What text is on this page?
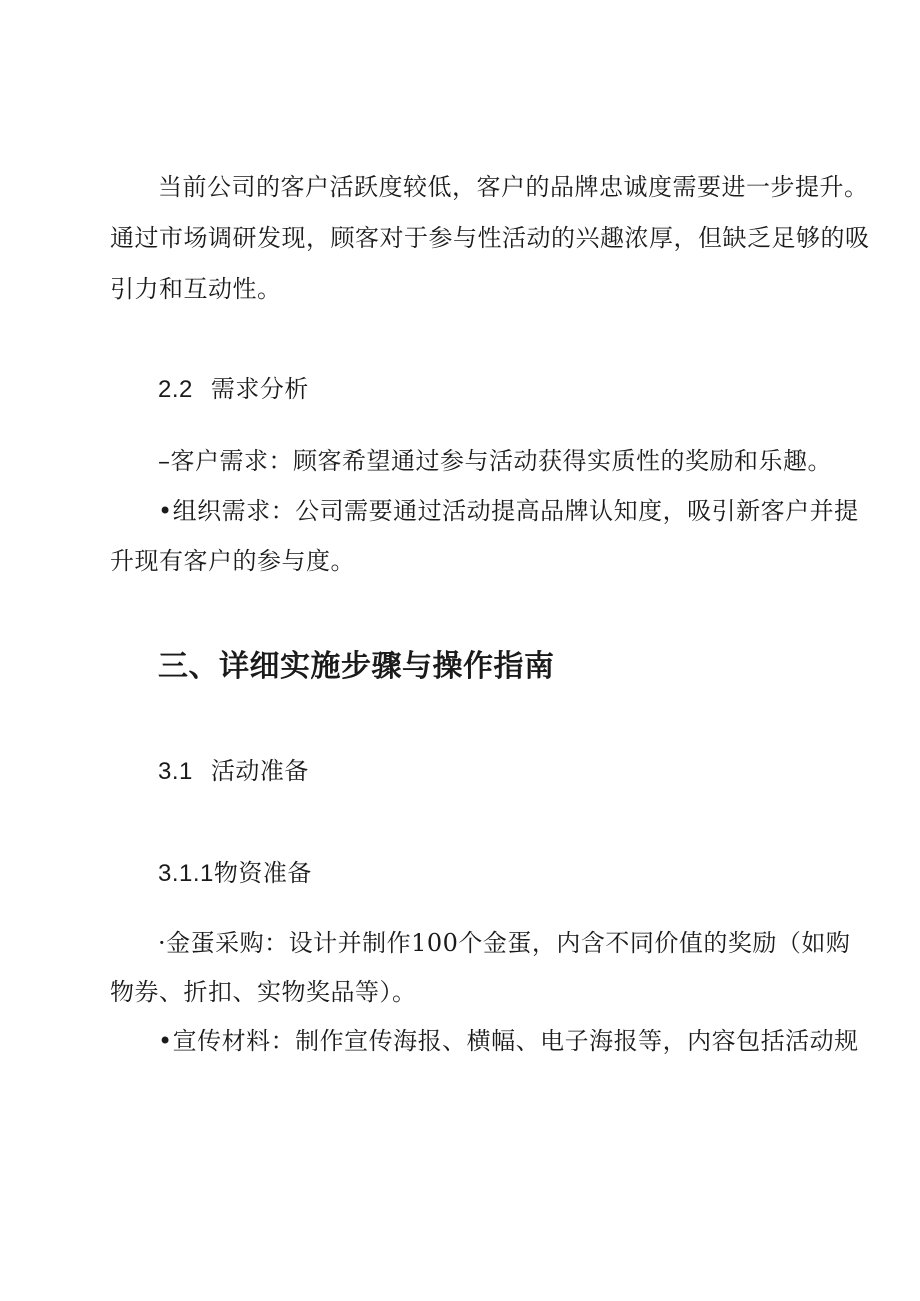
当前公司的客户活跃度较低，客户的品牌忠诚度需要进一步提升。
通过市场调研发现，顾客对于参与性活动的兴趣浓厚，但缺乏足够的吸
引力和互动性。
2.2 需求分析
–客户需求：顾客希望通过参与活动获得实质性的奖励和乐趣。
•组织需求：公司需要通过活动提高品牌认知度，吸引新客户并提
升现有客户的参与度。
三、详细实施步骤与操作指南
3.1 活动准备
3.1.1物资准备
·金蛋采购：设计并制作100个金蛋，内含不同价值的奖励（如购
物券、折扣、实物奖品等）。
•宣传材料：制作宣传海报、横幅、电子海报等，内容包括活动规
